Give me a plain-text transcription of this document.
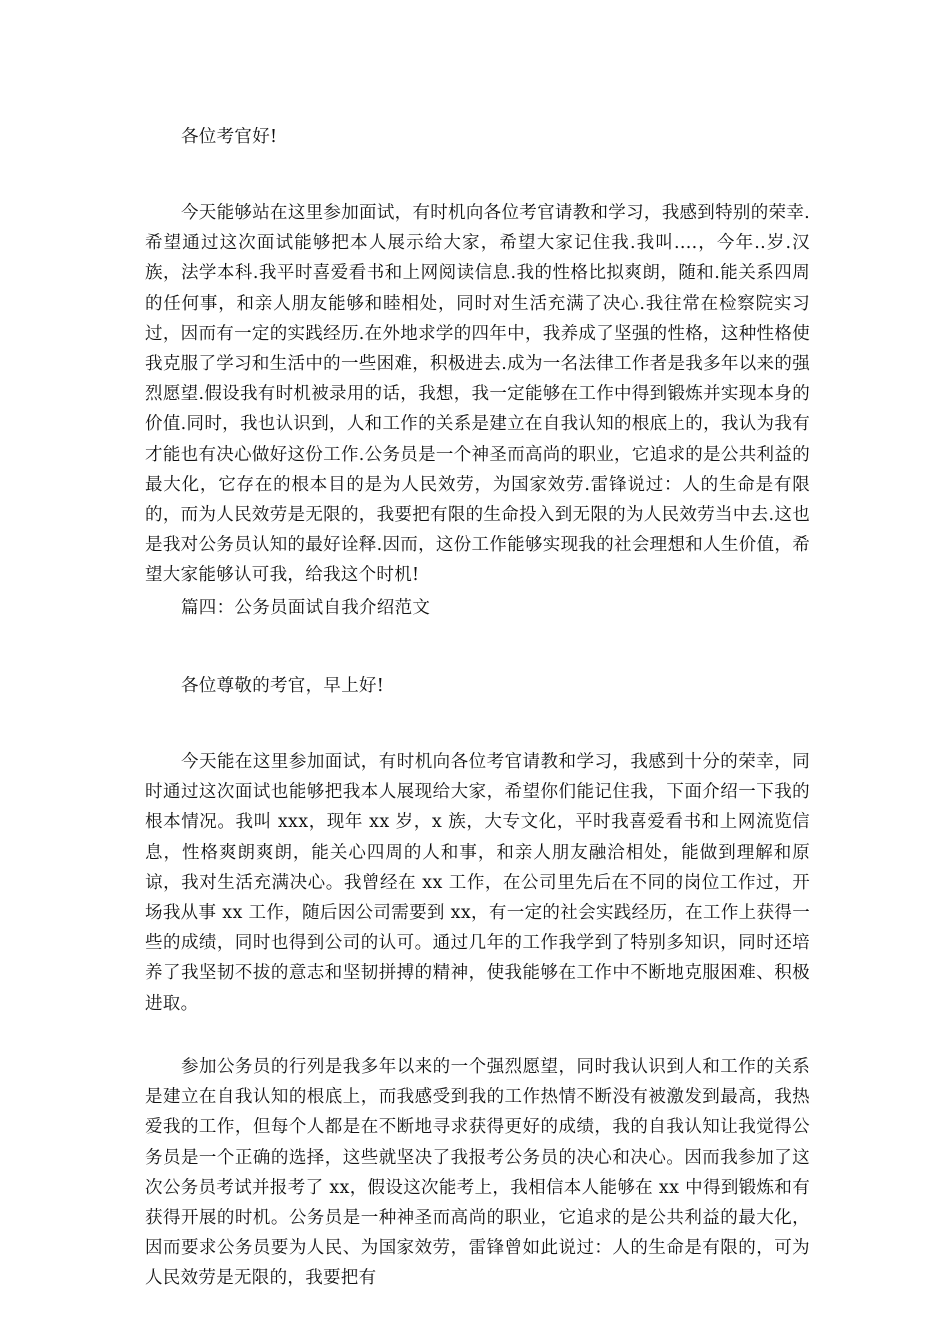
各位考官好!

今天能够站在这里参加面试，有时机向各位考官请教和学习，我感到特别的荣幸.希望通过这次面试能够把本人展示给大家，希望大家记住我.我叫....，今年..岁.汉族，法学本科.我平时喜爱看书和上网阅读信息.我的性格比拟爽朗，随和.能关系四周的任何事，和亲人朋友能够和睦相处，同时对生活充满了决心.我往常在检察院实习过，因而有一定的实践经历.在外地求学的四年中，我养成了坚强的性格，这种性格使我克服了学习和生活中的一些困难，积极进去.成为一名法律工作者是我多年以来的强烈愿望.假设我有时机被录用的话，我想，我一定能够在工作中得到锻炼并实现本身的价值.同时，我也认识到，人和工作的关系是建立在自我认知的根底上的，我认为我有才能也有决心做好这份工作.公务员是一个神圣而高尚的职业，它追求的是公共利益的最大化，它存在的根本目的是为人民效劳，为国家效劳.雷锋说过：人的生命是有限的，而为人民效劳是无限的，我要把有限的生命投入到无限的为人民效劳当中去.这也是我对公务员认知的最好诠释.因而，这份工作能够实现我的社会理想和人生价值，希望大家能够认可我，给我这个时机!

篇四：公务员面试自我介绍范文

各位尊敬的考官，早上好!

今天能在这里参加面试，有时机向各位考官请教和学习，我感到十分的荣幸，同时通过这次面试也能够把我本人展现给大家，希望你们能记住我，下面介绍一下我的根本情况。我叫 xxx，现年 xx 岁，x 族，大专文化，平时我喜爱看书和上网流览信息，性格爽朗爽朗，能关心四周的人和事，和亲人朋友融洽相处，能做到理解和原谅，我对生活充满决心。我曾经在 xx 工作，在公司里先后在不同的岗位工作过，开场我从事 xx 工作，随后因公司需要到 xx，有一定的社会实践经历，在工作上获得一些的成绩，同时也得到公司的认可。通过几年的工作我学到了特别多知识，同时还培养了我坚韧不拔的意志和坚韧拼搏的精神，使我能够在工作中不断地克服困难、积极进取。

参加公务员的行列是我多年以来的一个强烈愿望，同时我认识到人和工作的关系是建立在自我认知的根底上，而我感受到我的工作热情不断没有被激发到最高，我热爱我的工作，但每个人都是在不断地寻求获得更好的成绩，我的自我认知让我觉得公务员是一个正确的选择，这些就坚决了我报考公务员的决心和决心。因而我参加了这次公务员考试并报考了 xx，假设这次能考上，我相信本人能够在 xx 中得到锻炼和有获得开展的时机。公务员是一种神圣而高尚的职业，它追求的是公共利益的最大化，因而要求公务员要为人民、为国家效劳，雷锋曾如此说过：人的生命是有限的，可为人民效劳是无限的，我要把有
